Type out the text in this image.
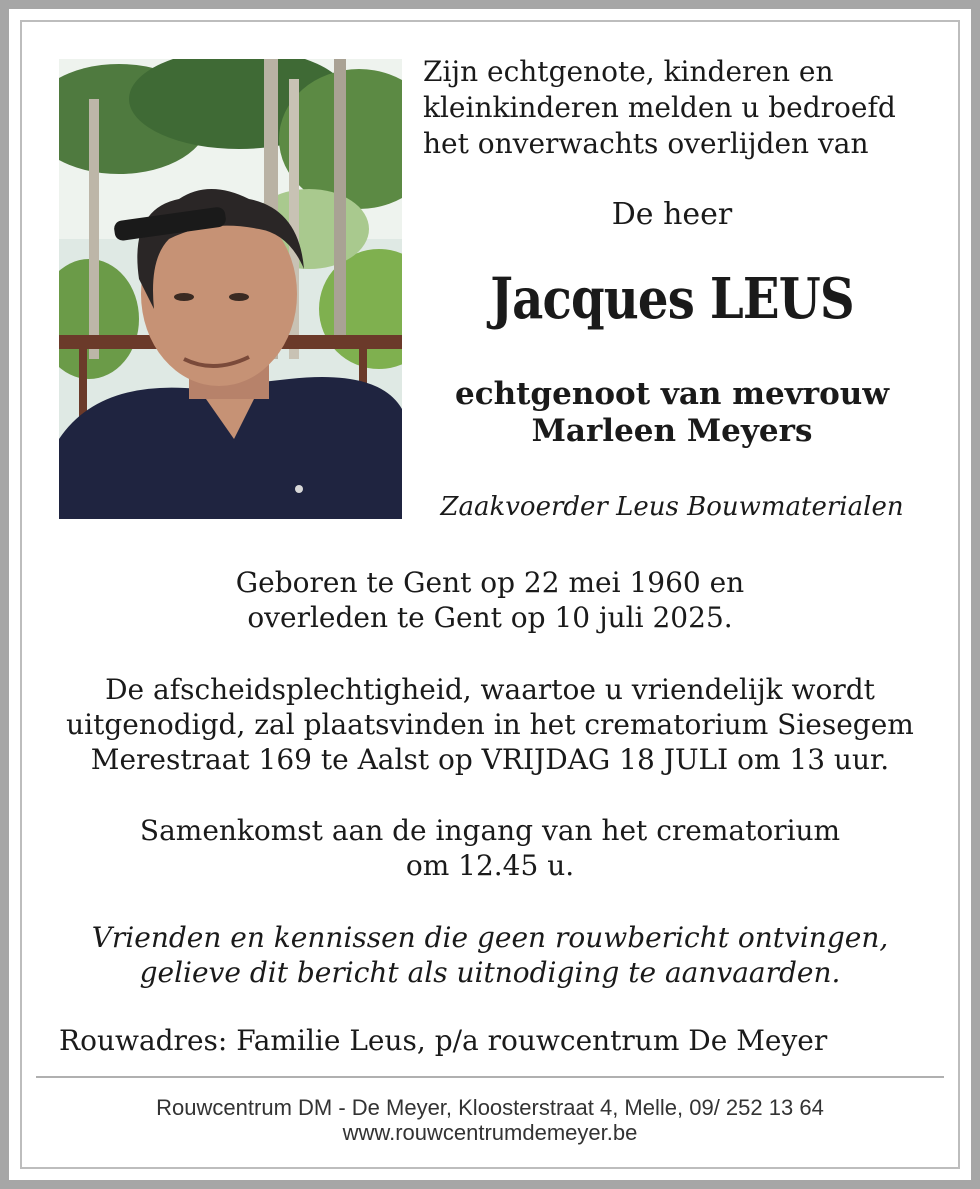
Zijn echtgenote, kinderen en
kleinkinderen melden u bedroefd
het onverwachts overlijden van
De heer
Jacques LEUS
echtgenoot van mevrouw
Marleen Meyers
Zaakvoerder Leus Bouwmaterialen
Geboren te Gent op 22 mei 1960 en
overleden te Gent op 10 juli 2025.
De afscheidsplechtigheid, waartoe u vriendelijk wordt
uitgenodigd, zal plaatsvinden in het crematorium Siesegem
Merestraat 169 te Aalst op VRIJDAG 18 JULI om 13 uur.
Samenkomst aan de ingang van het crematorium
om 12.45 u.
Vrienden en kennissen die geen rouwbericht ontvingen,
gelieve dit bericht als uitnodiging te aanvaarden.
Rouwadres: Familie Leus, p/a rouwcentrum De Meyer
Rouwcentrum DM - De Meyer, Kloosterstraat 4, Melle, 09/ 252 13 64
www.rouwcentrumdemeyer.be
